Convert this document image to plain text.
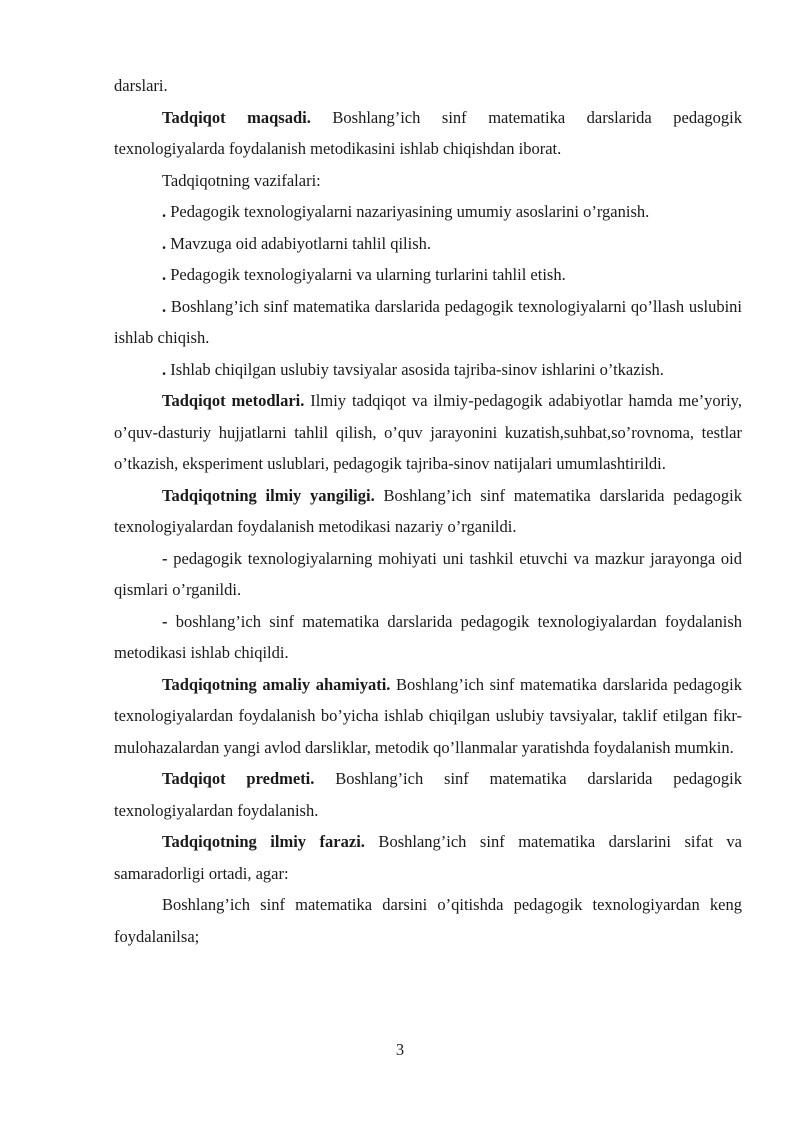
darslari.

Tadqiqot maqsadi. Boshlang’ich sinf matematika darslarida pedagogik texnologiyalarda foydalanish metodikasini ishlab chiqishdan iborat.

Tadqiqotning vazifalari:

. Pedagogik texnologiyalarni nazariyasining umumiy asoslarini o’rganish.

. Mavzuga oid adabiyotlarni tahlil qilish.

. Pedagogik texnologiyalarni va ularning turlarini tahlil etish.

. Boshlang’ich sinf matematika darslarida pedagogik texnologiyalarni qo’llash uslubini ishlab chiqish.

. Ishlab chiqilgan uslubiy tavsiyalar asosida tajriba-sinov ishlarini o’tkazish.

Tadqiqot metodlari. Ilmiy tadqiqot va ilmiy-pedagogik adabiyotlar hamda me’yoriy, o’quv-dasturiy hujjatlarni tahlil qilish, o’quv jarayonini kuzatish,suhbat,so’rovnoma, testlar o’tkazish, eksperiment uslublari, pedagogik tajriba-sinov natijalari umumlashtirildi.

Tadqiqotning ilmiy yangiligi. Boshlang’ich sinf matematika darslarida pedagogik texnologiyalardan foydalanish metodikasi nazariy o’rganildi.

- pedagogik texnologiyalarning mohiyati uni tashkil etuvchi va mazkur jarayonga oid qismlari o’rganildi.

- boshlang’ich sinf matematika darslarida pedagogik texnologiyalardan foydalanish metodikasi ishlab chiqildi.

Tadqiqotning amaliy ahamiyati. Boshlang’ich sinf matematika darslarida pedagogik texnologiyalardan foydalanish bo’yicha ishlab chiqilgan uslubiy tavsiyalar, taklif etilgan fikr-mulohazalardan yangi avlod darsliklar, metodik qo’llanmalar yaratishda foydalanish mumkin.

Tadqiqot predmeti. Boshlang’ich sinf matematika darslarida pedagogik texnologiyalardan foydalanish.

Tadqiqotning ilmiy farazi. Boshlang’ich sinf matematika darslarini sifat va samaradorligi ortadi, agar:

Boshlang’ich sinf matematika darsini o’qitishda pedagogik texnologiyardan keng foydalanilsa;

3
